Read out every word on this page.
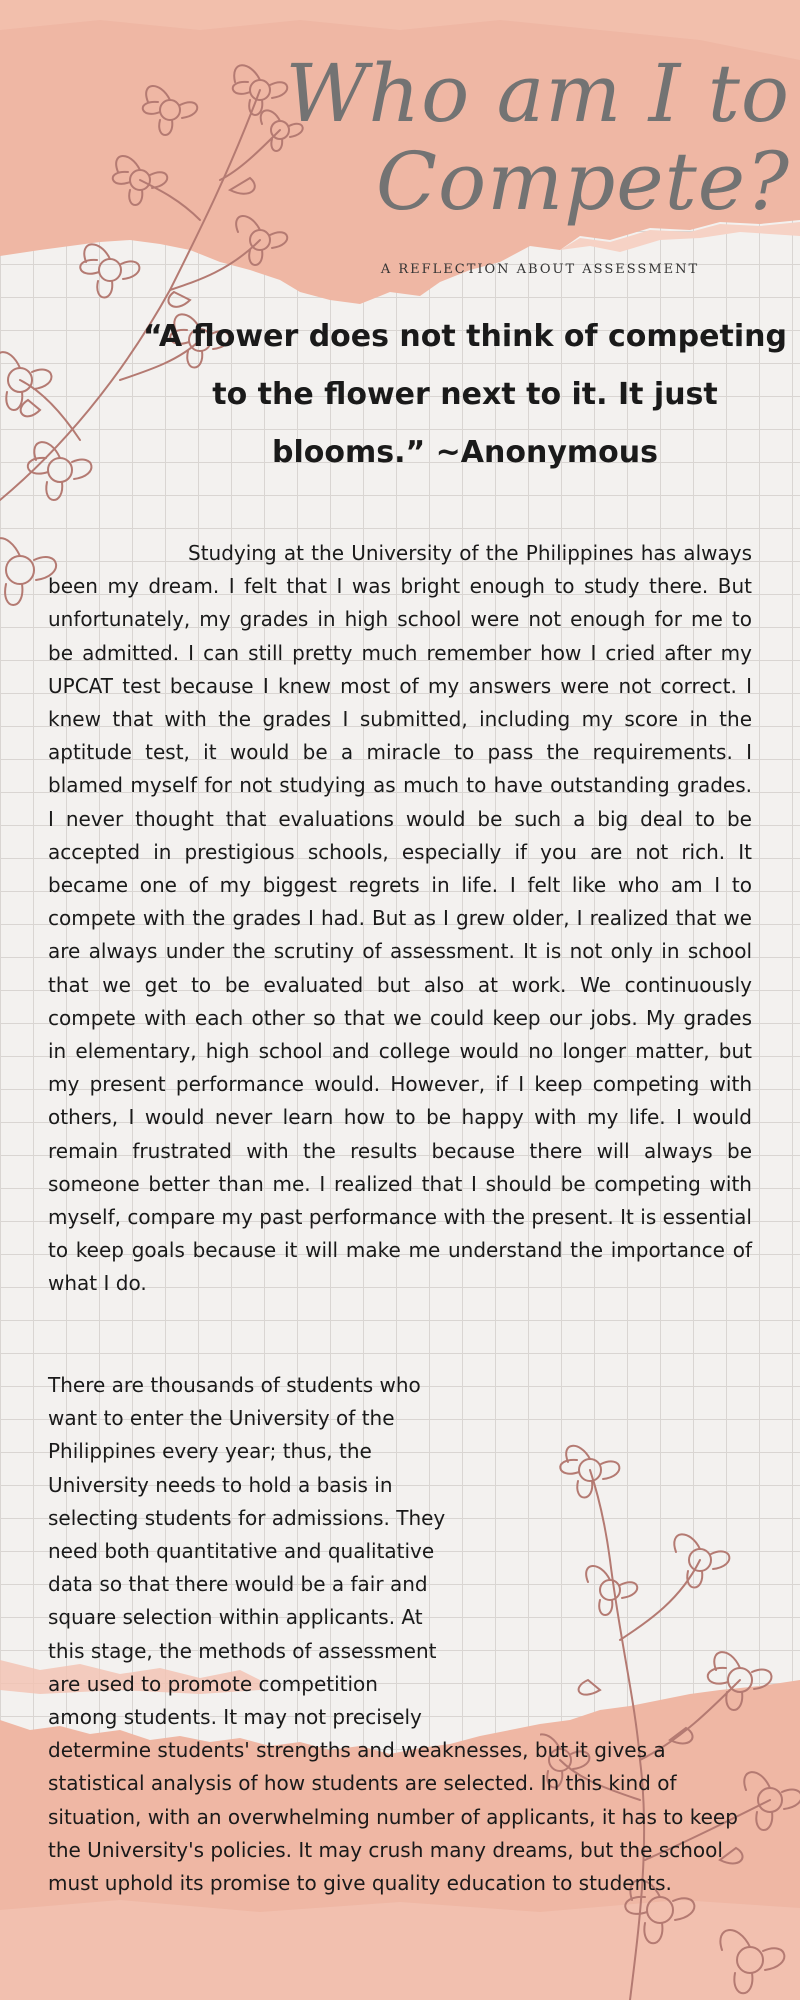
Who am I to Compete?
A REFLECTION ABOUT ASSESSMENT

“A flower does not think of competing to the flower next to it. It just blooms.” ~Anonymous

Studying at the University of the Philippines has always been my dream. I felt that I was bright enough to study there. But unfortunately, my grades in high school were not enough for me to be admitted. I can still pretty much remember how I cried after my UPCAT test because I knew most of my answers were not correct. I knew that with the grades I submitted, including my score in the aptitude test, it would be a miracle to pass the requirements. I blamed myself for not studying as much to have outstanding grades. I never thought that evaluations would be such a big deal to be accepted in prestigious schools, especially if you are not rich. It became one of my biggest regrets in life. I felt like who am I to compete with the grades I had. But as I grew older, I realized that we are always under the scrutiny of assessment. It is not only in school that we get to be evaluated but also at work. We continuously compete with each other so that we could keep our jobs. My grades in elementary, high school and college would no longer matter, but my present performance would. However, if I keep competing with others, I would never learn how to be happy with my life. I would remain frustrated with the results because there will always be someone better than me. I realized that I should be competing with myself, compare my past performance with the present. It is essential to keep goals because it will make me understand the importance of what I do.

There are thousands of students who want to enter the University of the Philippines every year; thus, the University needs to hold a basis in selecting students for admissions. They need both quantitative and qualitative data so that there would be a fair and square selection within applicants. At this stage, the methods of assessment are used to promote competition among students. It may not precisely determine students' strengths and weaknesses, but it gives a statistical analysis of how students are selected. In this kind of situation, with an overwhelming number of applicants, it has to keep the University's policies. It may crush many dreams, but the school must uphold its promise to give quality education to students.
